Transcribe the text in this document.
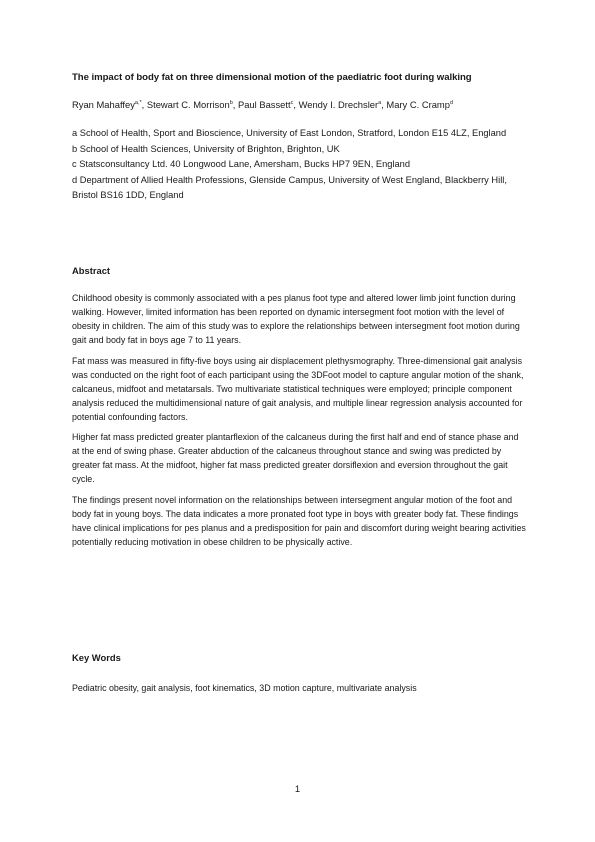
The impact of body fat on three dimensional motion of the paediatric foot during walking
Ryan Mahaffey$^{a,*}$, Stewart C. Morrison$^b$, Paul Bassett$^c$, Wendy I. Drechsler$^a$, Mary C. Cramp$^d$
a School of Health, Sport and Bioscience, University of East London, Stratford, London E15 4LZ, England
b School of Health Sciences, University of Brighton, Brighton, UK
c Statsconsultancy Ltd. 40 Longwood Lane, Amersham, Bucks HP7 9EN, England
d Department of Allied Health Professions, Glenside Campus, University of West England, Blackberry Hill, Bristol BS16 1DD, England
Abstract

Childhood obesity is commonly associated with a pes planus foot type and altered lower limb joint function during walking. However, limited information has been reported on dynamic intersegment foot motion with the level of obesity in children. The aim of this study was to explore the relationships between intersegment foot motion during gait and body fat in boys age 7 to 11 years.

Fat mass was measured in fifty-five boys using air displacement plethysmography. Three-dimensional gait analysis was conducted on the right foot of each participant using the 3DFoot model to capture angular motion of the shank, calcaneus, midfoot and metatarsals. Two multivariate statistical techniques were employed; principle component analysis reduced the multidimensional nature of gait analysis, and multiple linear regression analysis accounted for potential confounding factors.

Higher fat mass predicted greater plantarflexion of the calcaneus during the first half and end of stance phase and at the end of swing phase. Greater abduction of the calcaneus throughout stance and swing was predicted by greater fat mass. At the midfoot, higher fat mass predicted greater dorsiflexion and eversion throughout the gait cycle.

The findings present novel information on the relationships between intersegment angular motion of the foot and body fat in young boys. The data indicates a more pronated foot type in boys with greater body fat. These findings have clinical implications for pes planus and a predisposition for pain and discomfort during weight bearing activities potentially reducing motivation in obese children to be physically active.

Key Words
Pediatric obesity, gait analysis, foot kinematics, 3D motion capture, multivariate analysis
1
